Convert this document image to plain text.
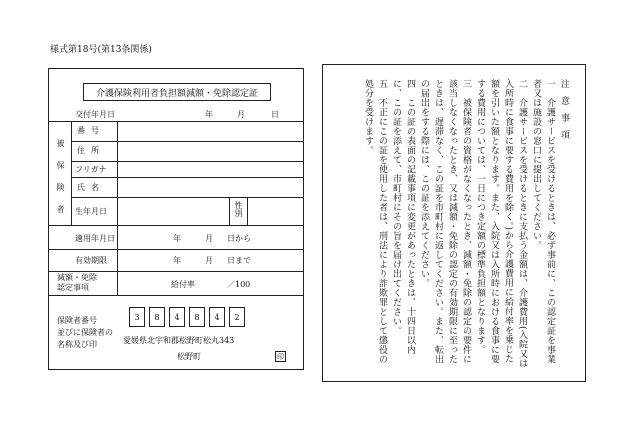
様式第18号(第13条関係)
介護保険利用者負担額減額・免除認定証
交付年月日	年	月	日
被保険者
番号
住所
フリガナ
氏名
生年月日	性別
適用年月日	年	月 日から
有効期限	年	月 日まで
減額・免除
認定事項	給付率	／100
保険者番号
並びに保険者の
名称及び印
3	8	4	8	4	2
愛媛県北宇和郡松野町松丸343
松野町	印
注意事項
一　介護サービスを受けるときは、必ず事前に、この認定証を事業者又は施設の窓口に提出してください。
二　介護サービスを受けるときに支払う金額は、介護費用(入院又は入所時に食事に要する費用を除く。)から介護費用に給付率を乗じた額を引いた額となります。また、入院又は入所時における食事に要する費用については、一日につき定額の標準負担額となります。
三　被保険者の資格がなくなったとき、減額・免除の認定の要件に該当しなくなったとき、又は減額・免除の認定の有効期限に至ったときは、遅滞なく、この証を市町村に返してください。また、転出の届出をする際には、この証を添えてください。
四　この証の表面の記載事項に変更があったときは、十四日以内に、この証を添えて、市町村にその旨を届け出てください。
五　不正にこの証を使用した者は、刑法により詐欺罪として懲役の処分を受けます。
